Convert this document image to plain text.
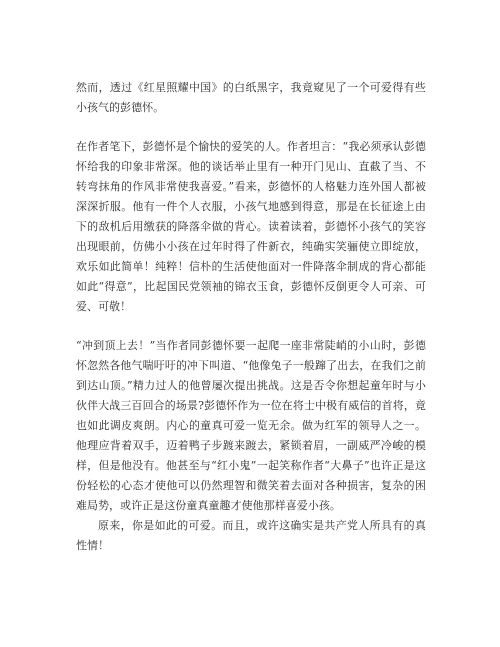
然而，透过《红星照耀中国》的白纸黑字，我竟窥见了一个可爱得有些小孩气的彭德怀。

在作者笔下，彭德怀是个愉快的爱笑的人。作者坦言：“我必须承认彭德怀给我的印象非常深。他的谈话举止里有一种开门见山、直截了当、不转弯抹角的作风非常使我喜爱。”看来，彭德怀的人格魅力连外国人都被深深折服。他有一件个人衣服，小孩气地感到得意，那是在长征途上由下的敌机后用缴获的降落伞做的背心。读着读着，彭德怀小孩气的笑容出现眼前，仿佛小小孩在过年时得了件新衣，纯确实笑骊使立即绽放，欢乐如此简单！纯粹！信朴的生活使他面对一件降落伞制成的背心都能如此“得意”，比起国民党领袖的锦衣玉食，彭德怀反倒更令人可亲、可爱、可敬！

“冲到顶上去！”当作者同彭德怀要一起爬一座非常陡峭的小山时，彭德怀忽然各他气喘吁吁的冲下叫道、“他像兔子一般蹿了出去，在我们之前到达山顶。”精力过人的他曾屡次提出挑战。这是否令你想起童年时与小伙伴大战三百回合的场景?彭德怀作为一位在将士中极有威信的首将，竟也如此调皮爽朗。内心的童真可爱一览无余。做为红军的领导人之一。他理应背着双手，迈着鸭子步踱来踱去，紧锁着眉，一副威严冷峻的模样，但是他没有。他甚至与“红小鬼”一起笑称作者“大鼻子”也许正是这份轻松的心态才使他可以仍然理智和微笑着去面对各种损害，复杂的困难局势，或许正是这份童真童趣才使他那样喜爱小孩。

原来，你是如此的可爱。而且，或许这确实是共产党人所具有的真性情！
